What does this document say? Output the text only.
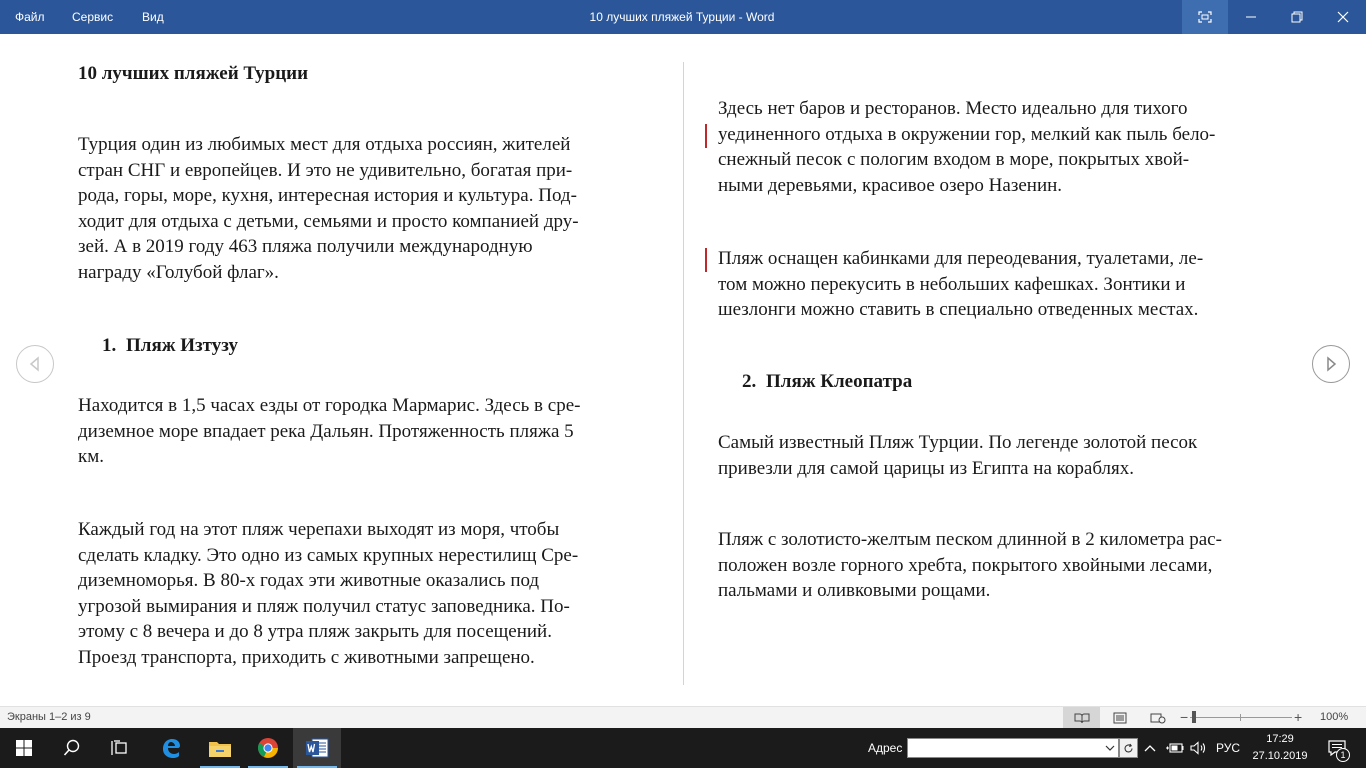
Файл Сервис Вид	10 лучших пляжей Турции - Word
10 лучших пляжей Турции
Турция один из любимых мест для отдыха россиян, жителей
стран СНГ и европейцев. И это не удивительно, богатая при-
рода, горы, море, кухня, интересная история и культура. Под-
ходит для отдыха с детьми, семьями и просто компанией дру-
зей. А в 2019 году 463 пляжа получили международную
награду «Голубой флаг».
1. Пляж Изтузу
Находится в 1,5 часах езды от городка Мармарис. Здесь в сре-
диземное море впадает река Дальян. Протяженность пляжа 5
км.
Каждый год на этот пляж черепахи выходят из моря, чтобы
сделать кладку. Это одно из самых крупных нерестилищ Сре-
диземноморья. В 80-х годах эти животные оказались под
угрозой вымирания и пляж получил статус заповедника. По-
этому с 8 вечера и до 8 утра пляж закрыть для посещений.
Проезд транспорта, приходить с животными запрещено.
Здесь нет баров и ресторанов. Место идеально для тихого
уединенного отдыха в окружении гор, мелкий как пыль бело-
снежный песок с пологим входом в море, покрытых хвой-
ными деревьями, красивое озеро Назенин.
Пляж оснащен кабинками для переодевания, туалетами, ле-
том можно перекусить в небольших кафешках. Зонтики и
шезлонги можно ставить в специально отведенных местах.
2. Пляж Клеопатра
Самый известный Пляж Турции. По легенде золотой песок
привезли для самой царицы из Египта на кораблях.
Пляж с золотисто-желтым песком длинной в 2 километра рас-
положен возле горного хребта, покрытого хвойными лесами,
пальмами и оливковыми рощами.
Экраны 1–2 из 9	−	+ 100%
Адрес	РУС
17:29
27.10.2019	1
